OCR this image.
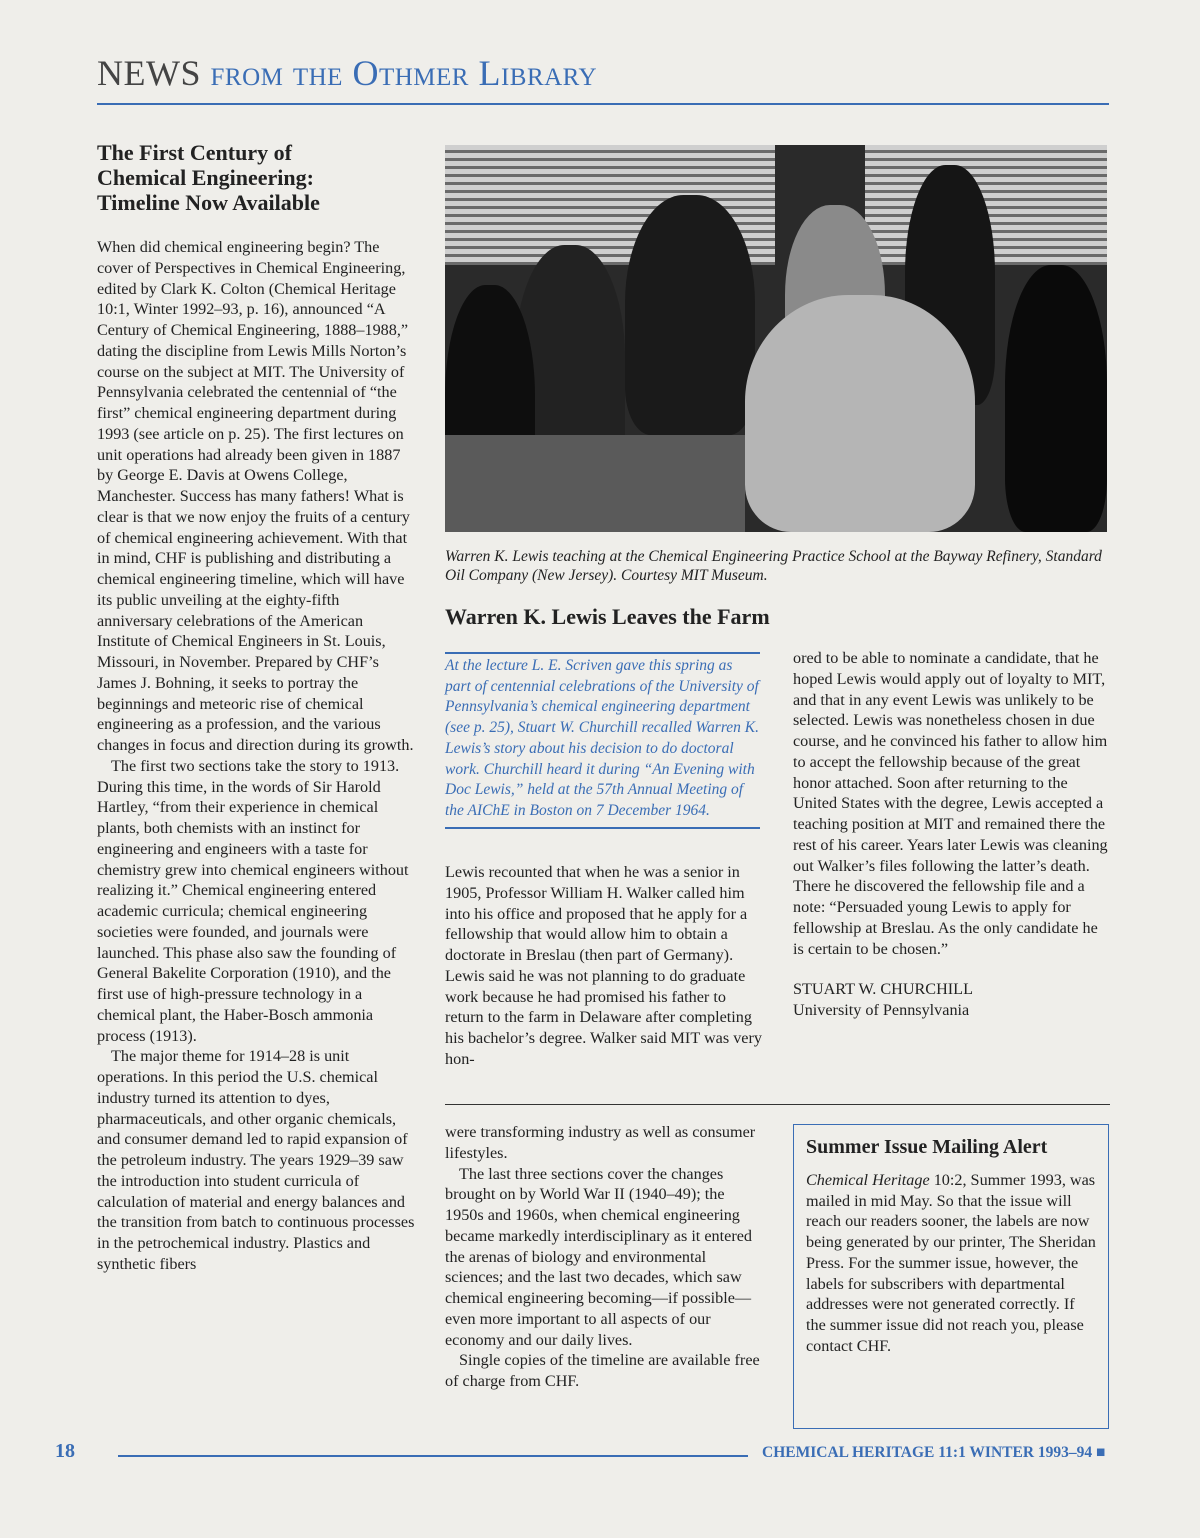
NEWS from the Othmer Library
The First Century of Chemical Engineering: Timeline Now Available

When did chemical engineering begin? The cover of Perspectives in Chemical Engineering, edited by Clark K. Colton (Chemical Heritage 10:1, Winter 1992–93, p. 16), announced “A Century of Chemical Engineering, 1888–1988,” dating the discipline from Lewis Mills Norton’s course on the subject at MIT. The University of Pennsylvania celebrated the centennial of “the first” chemical engineering department during 1993 (see article on p. 25). The first lectures on unit operations had already been given in 1887 by George E. Davis at Owens College, Manchester. Success has many fathers! What is clear is that we now enjoy the fruits of a century of chemical engineering achievement. With that in mind, CHF is publishing and distributing a chemical engineering timeline, which will have its public unveiling at the eighty-fifth anniversary celebrations of the American Institute of Chemical Engineers in St. Louis, Missouri, in November. Prepared by CHF’s James J. Bohning, it seeks to portray the beginnings and meteoric rise of chemical engineering as a profession, and the various changes in focus and direction during its growth.

The first two sections take the story to 1913. During this time, in the words of Sir Harold Hartley, “from their experience in chemical plants, both chemists with an instinct for engineering and engineers with a taste for chemistry grew into chemical engineers without realizing it.” Chemical engineering entered academic curricula; chemical engineering societies were founded, and journals were launched. This phase also saw the founding of General Bakelite Corporation (1910), and the first use of high-pressure technology in a chemical plant, the Haber-Bosch ammonia process (1913).

The major theme for 1914–28 is unit operations. In this period the U.S. chemical industry turned its attention to dyes, pharmaceuticals, and other organic chemicals, and consumer demand led to rapid expansion of the petroleum industry. The years 1929–39 saw the introduction into student curricula of calculation of material and energy balances and the transition from batch to continuous processes in the petrochemical industry. Plastics and synthetic fibers

Warren K. Lewis teaching at the Chemical Engineering Practice School at the Bayway Refinery, Standard Oil Company (New Jersey). Courtesy MIT Museum.
Warren K. Lewis Leaves the Farm
At the lecture L. E. Scriven gave this spring as part of centennial celebrations of the University of Pennsylvania’s chemical engineering department (see p. 25), Stuart W. Churchill recalled Warren K. Lewis’s story about his decision to do doctoral work. Churchill heard it during “An Evening with Doc Lewis,” held at the 57th Annual Meeting of the AIChE in Boston on 7 December 1964.

Lewis recounted that when he was a senior in 1905, Professor William H. Walker called him into his office and proposed that he apply for a fellowship that would allow him to obtain a doctorate in Breslau (then part of Germany). Lewis said he was not planning to do graduate work because he had promised his father to return to the farm in Delaware after completing his bachelor’s degree. Walker said MIT was very hon-

ored to be able to nominate a candidate, that he hoped Lewis would apply out of loyalty to MIT, and that in any event Lewis was unlikely to be selected. Lewis was nonetheless chosen in due course, and he convinced his father to allow him to accept the fellowship because of the great honor attached. Soon after returning to the United States with the degree, Lewis accepted a teaching position at MIT and remained there the rest of his career. Years later Lewis was cleaning out Walker’s files following the latter’s death. There he discovered the fellowship file and a note: “Persuaded young Lewis to apply for fellowship at Breslau. As the only candidate he is certain to be chosen.”

STUART W. CHURCHILL
University of Pennsylvania

were transforming industry as well as consumer lifestyles.

The last three sections cover the changes brought on by World War II (1940–49); the 1950s and 1960s, when chemical engineering became markedly interdisciplinary as it entered the arenas of biology and environmental sciences; and the last two decades, which saw chemical engineering becoming—if possible—even more important to all aspects of our economy and our daily lives.

Single copies of the timeline are available free of charge from CHF.

Summer Issue Mailing Alert
Chemical Heritage 10:2, Summer 1993, was mailed in mid May. So that the issue will reach our readers sooner, the labels are now being generated by our printer, The Sheridan Press. For the summer issue, however, the labels for subscribers with departmental addresses were not generated correctly. If the summer issue did not reach you, please contact CHF.
18	CHEMICAL HERITAGE 11:1 WINTER 1993–94 ■
